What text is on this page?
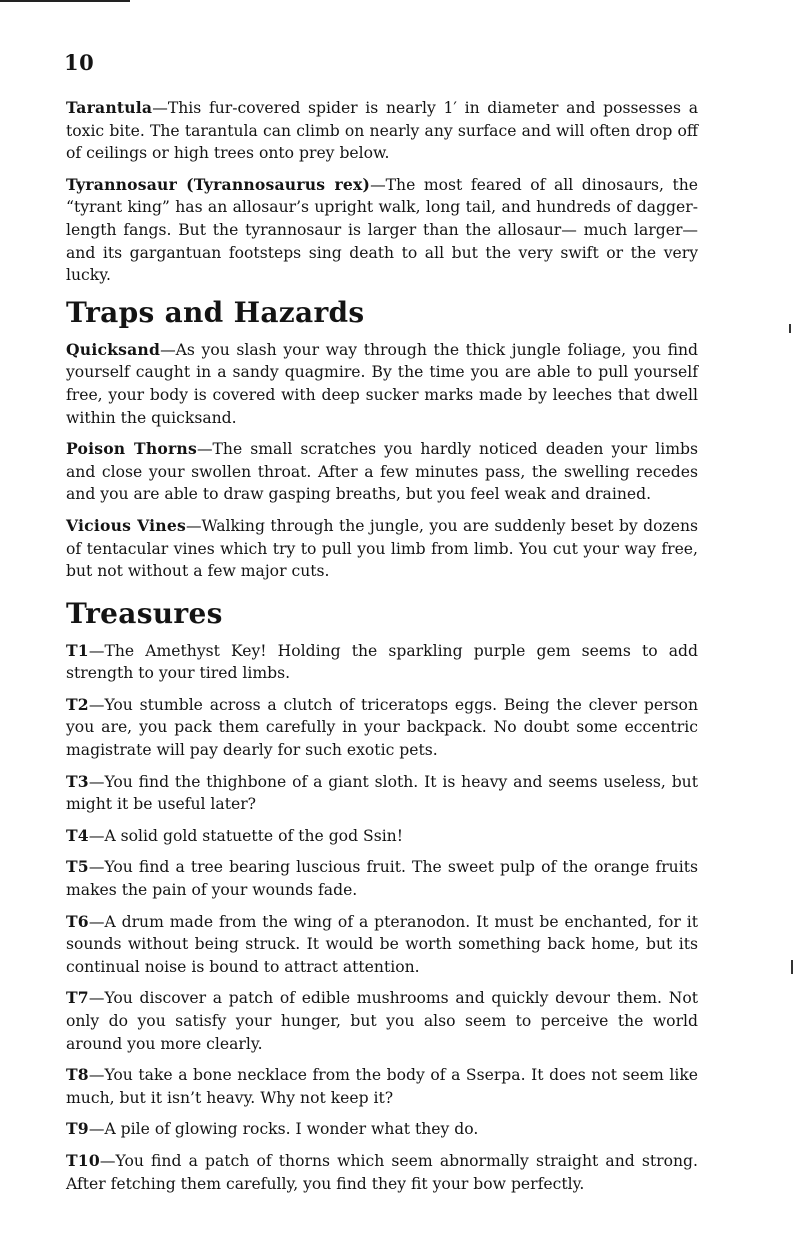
10

Tarantula—This fur-covered spider is nearly 1′ in diameter and possesses a toxic bite. The tarantula can climb on nearly any surface and will often drop off of ceilings or high trees onto prey below.

Tyrannosaur (Tyrannosaurus rex)—The most feared of all dinosaurs, the “tyrant king” has an allosaur’s upright walk, long tail, and hundreds of dagger-length fangs. But the tyrannosaur is larger than the allosaur— much larger— and its gargantuan footsteps sing death to all but the very swift or the very lucky.

Traps and Hazards

Quicksand—As you slash your way through the thick jungle foliage, you find yourself caught in a sandy quagmire. By the time you are able to pull yourself free, your body is covered with deep sucker marks made by leeches that dwell within the quicksand.

Poison Thorns—The small scratches you hardly noticed deaden your limbs and close your swollen throat. After a few minutes pass, the swelling recedes and you are able to draw gasping breaths, but you feel weak and drained.

Vicious Vines—Walking through the jungle, you are suddenly beset by dozens of tentacular vines which try to pull you limb from limb. You cut your way free, but not without a few major cuts.

Treasures

T1—The Amethyst Key! Holding the sparkling purple gem seems to add strength to your tired limbs.

T2—You stumble across a clutch of triceratops eggs. Being the clever person you are, you pack them carefully in your backpack. No doubt some eccentric magistrate will pay dearly for such exotic pets.

T3—You find the thighbone of a giant sloth. It is heavy and seems useless, but might it be useful later?

T4—A solid gold statuette of the god Ssin!

T5—You find a tree bearing luscious fruit. The sweet pulp of the orange fruits makes the pain of your wounds fade.

T6—A drum made from the wing of a pteranodon. It must be enchanted, for it sounds without being struck. It would be worth something back home, but its continual noise is bound to attract attention.

T7—You discover a patch of edible mushrooms and quickly devour them. Not only do you satisfy your hunger, but you also seem to perceive the world around you more clearly.

T8—You take a bone necklace from the body of a Sserpa. It does not seem like much, but it isn’t heavy. Why not keep it?

T9—A pile of glowing rocks. I wonder what they do.

T10—You find a patch of thorns which seem abnormally straight and strong. After fetching them carefully, you find they fit your bow perfectly.
